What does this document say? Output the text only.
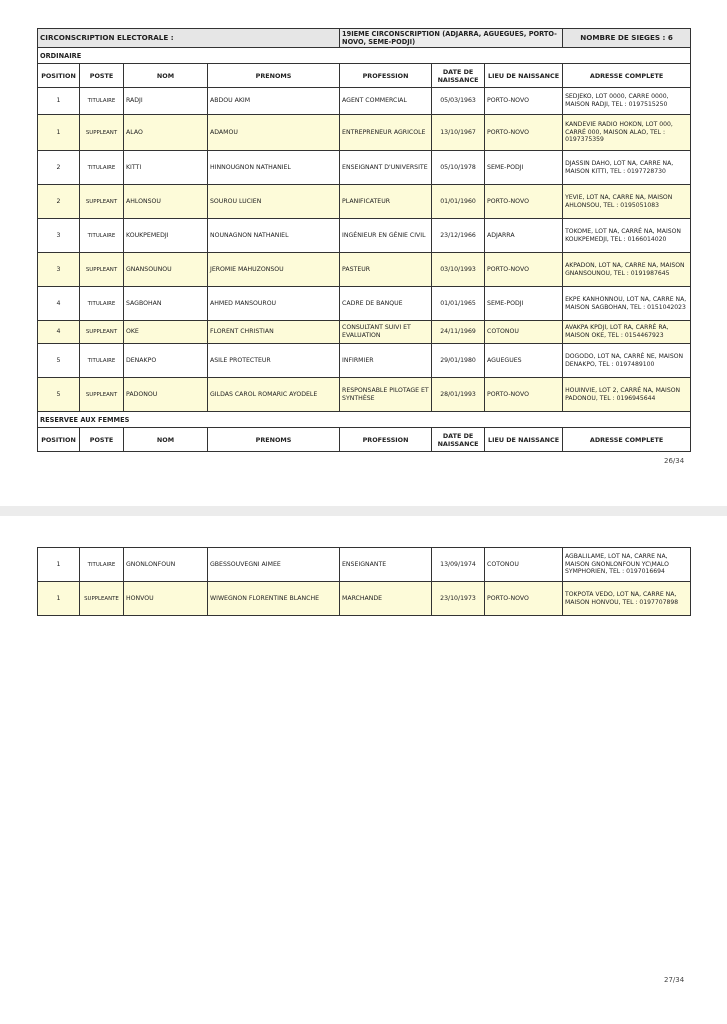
CIRCONSCRIPTION ELECTORALE :				19IEME CIRCONSCRIPTION (ADJARRA, AGUEGUES, PORTO-NOVO, SEME-PODJI)			NOMBRE DE SIEGES : 6
ORDINAIRE							
POSITION	POSTE	NOM	PRENOMS	PROFESSION	DATE DE NAISSANCE	LIEU DE NAISSANCE	ADRESSE COMPLETE
1	TITULAIRE	RADJI	ABDOU AKIM	AGENT COMMERCIAL	05/03/1963	PORTO-NOVO	SEDJEKO, LOT 0000, CARRE 0000, MAISON RADJI, TEL : 0197515250
1	SUPPLEANT	ALAO	ADAMOU	ENTREPRENEUR AGRICOLE	13/10/1967	PORTO-NOVO	KANDEVIE RADIO HOKON, LOT 000, CARRÉ 000, MAISON ALAO, TEL : 0197375359
2	TITULAIRE	KITTI	HINNOUGNON NATHANIEL	ENSEIGNANT D'UNIVERSITE	05/10/1978	SEME-PODJI	DJASSIN DAHO, LOT NA, CARRE NA, MAISON KITTI, TEL : 0197728730
2	SUPPLEANT	AHLONSOU	SOUROU LUCIEN	PLANIFICATEUR	01/01/1960	PORTO-NOVO	YEVIE, LOT NA, CARRE NA, MAISON AHLONSOU, TEL : 0195051083
3	TITULAIRE	KOUKPEMEDJI	NOUNAGNON NATHANIEL	INGÉNIEUR EN GÉNIE CIVIL	23/12/1966	ADJARRA	TOKOME, LOT NA, CARRÉ NA, MAISON KOUKPEMEDJI, TEL : 0166014020
3	SUPPLEANT	GNANSOUNOU	JEROMIE MAHUZONSOU	PASTEUR	03/10/1993	PORTO-NOVO	AKPADON, LOT NA, CARRE NA, MAISON GNANSOUNOU, TEL : 0191987645
4	TITULAIRE	SAGBOHAN	AHMED MANSOUROU	CADRE DE BANQUE	01/01/1965	SEME-PODJI	EKPE KANHONNOU, LOT NA, CARRE NA, MAISON SAGBOHAN, TEL : 0151042023
4	SUPPLEANT	OKE	FLORENT CHRISTIAN	CONSULTANT SUIVI ET EVALUATION	24/11/1969	COTONOU	AVAKPA KPDJI, LOT RA, CARRÉ RA, MAISON OKE, TEL : 0154467923
5	TITULAIRE	DENAKPO	ASILE PROTECTEUR	INFIRMIER	29/01/1980	AGUEGUES	DOGODO, LOT NA, CARRÉ NE, MAISON DENAKPO, TEL : 0197489100
5	SUPPLEANT	PADONOU	GILDAS CAROL ROMARIC AYODELE	RESPONSABLE PILOTAGE ET SYNTHÈSE	28/01/1993	PORTO-NOVO	HOUINVIE, LOT 2, CARRÉ NA, MAISON PADONOU, TEL : 0196945644
RESERVEE AUX FEMMES							
POSITION	POSTE	NOM	PRENOMS	PROFESSION	DATE DE NAISSANCE	LIEU DE NAISSANCE	ADRESSE COMPLETE
26/34
1	TITULAIRE	GNONLONFOUN	GBESSOUVEGNI AIMEE	ENSEIGNANTE	13/09/1974	COTONOU	AGBALILAME, LOT NA, CARRE NA, MAISON GNONLONFOUN YC\MALO SYMPHORIEN, TEL : 0197016694
1	SUPPLEANTE	HONVOU	WIWEGNON FLORENTINE BLANCHE	MARCHANDE	23/10/1973	PORTO-NOVO	TOKPOTA VEDO, LOT NA, CARRE NA, MAISON HONVOU, TEL : 0197707898
27/34
